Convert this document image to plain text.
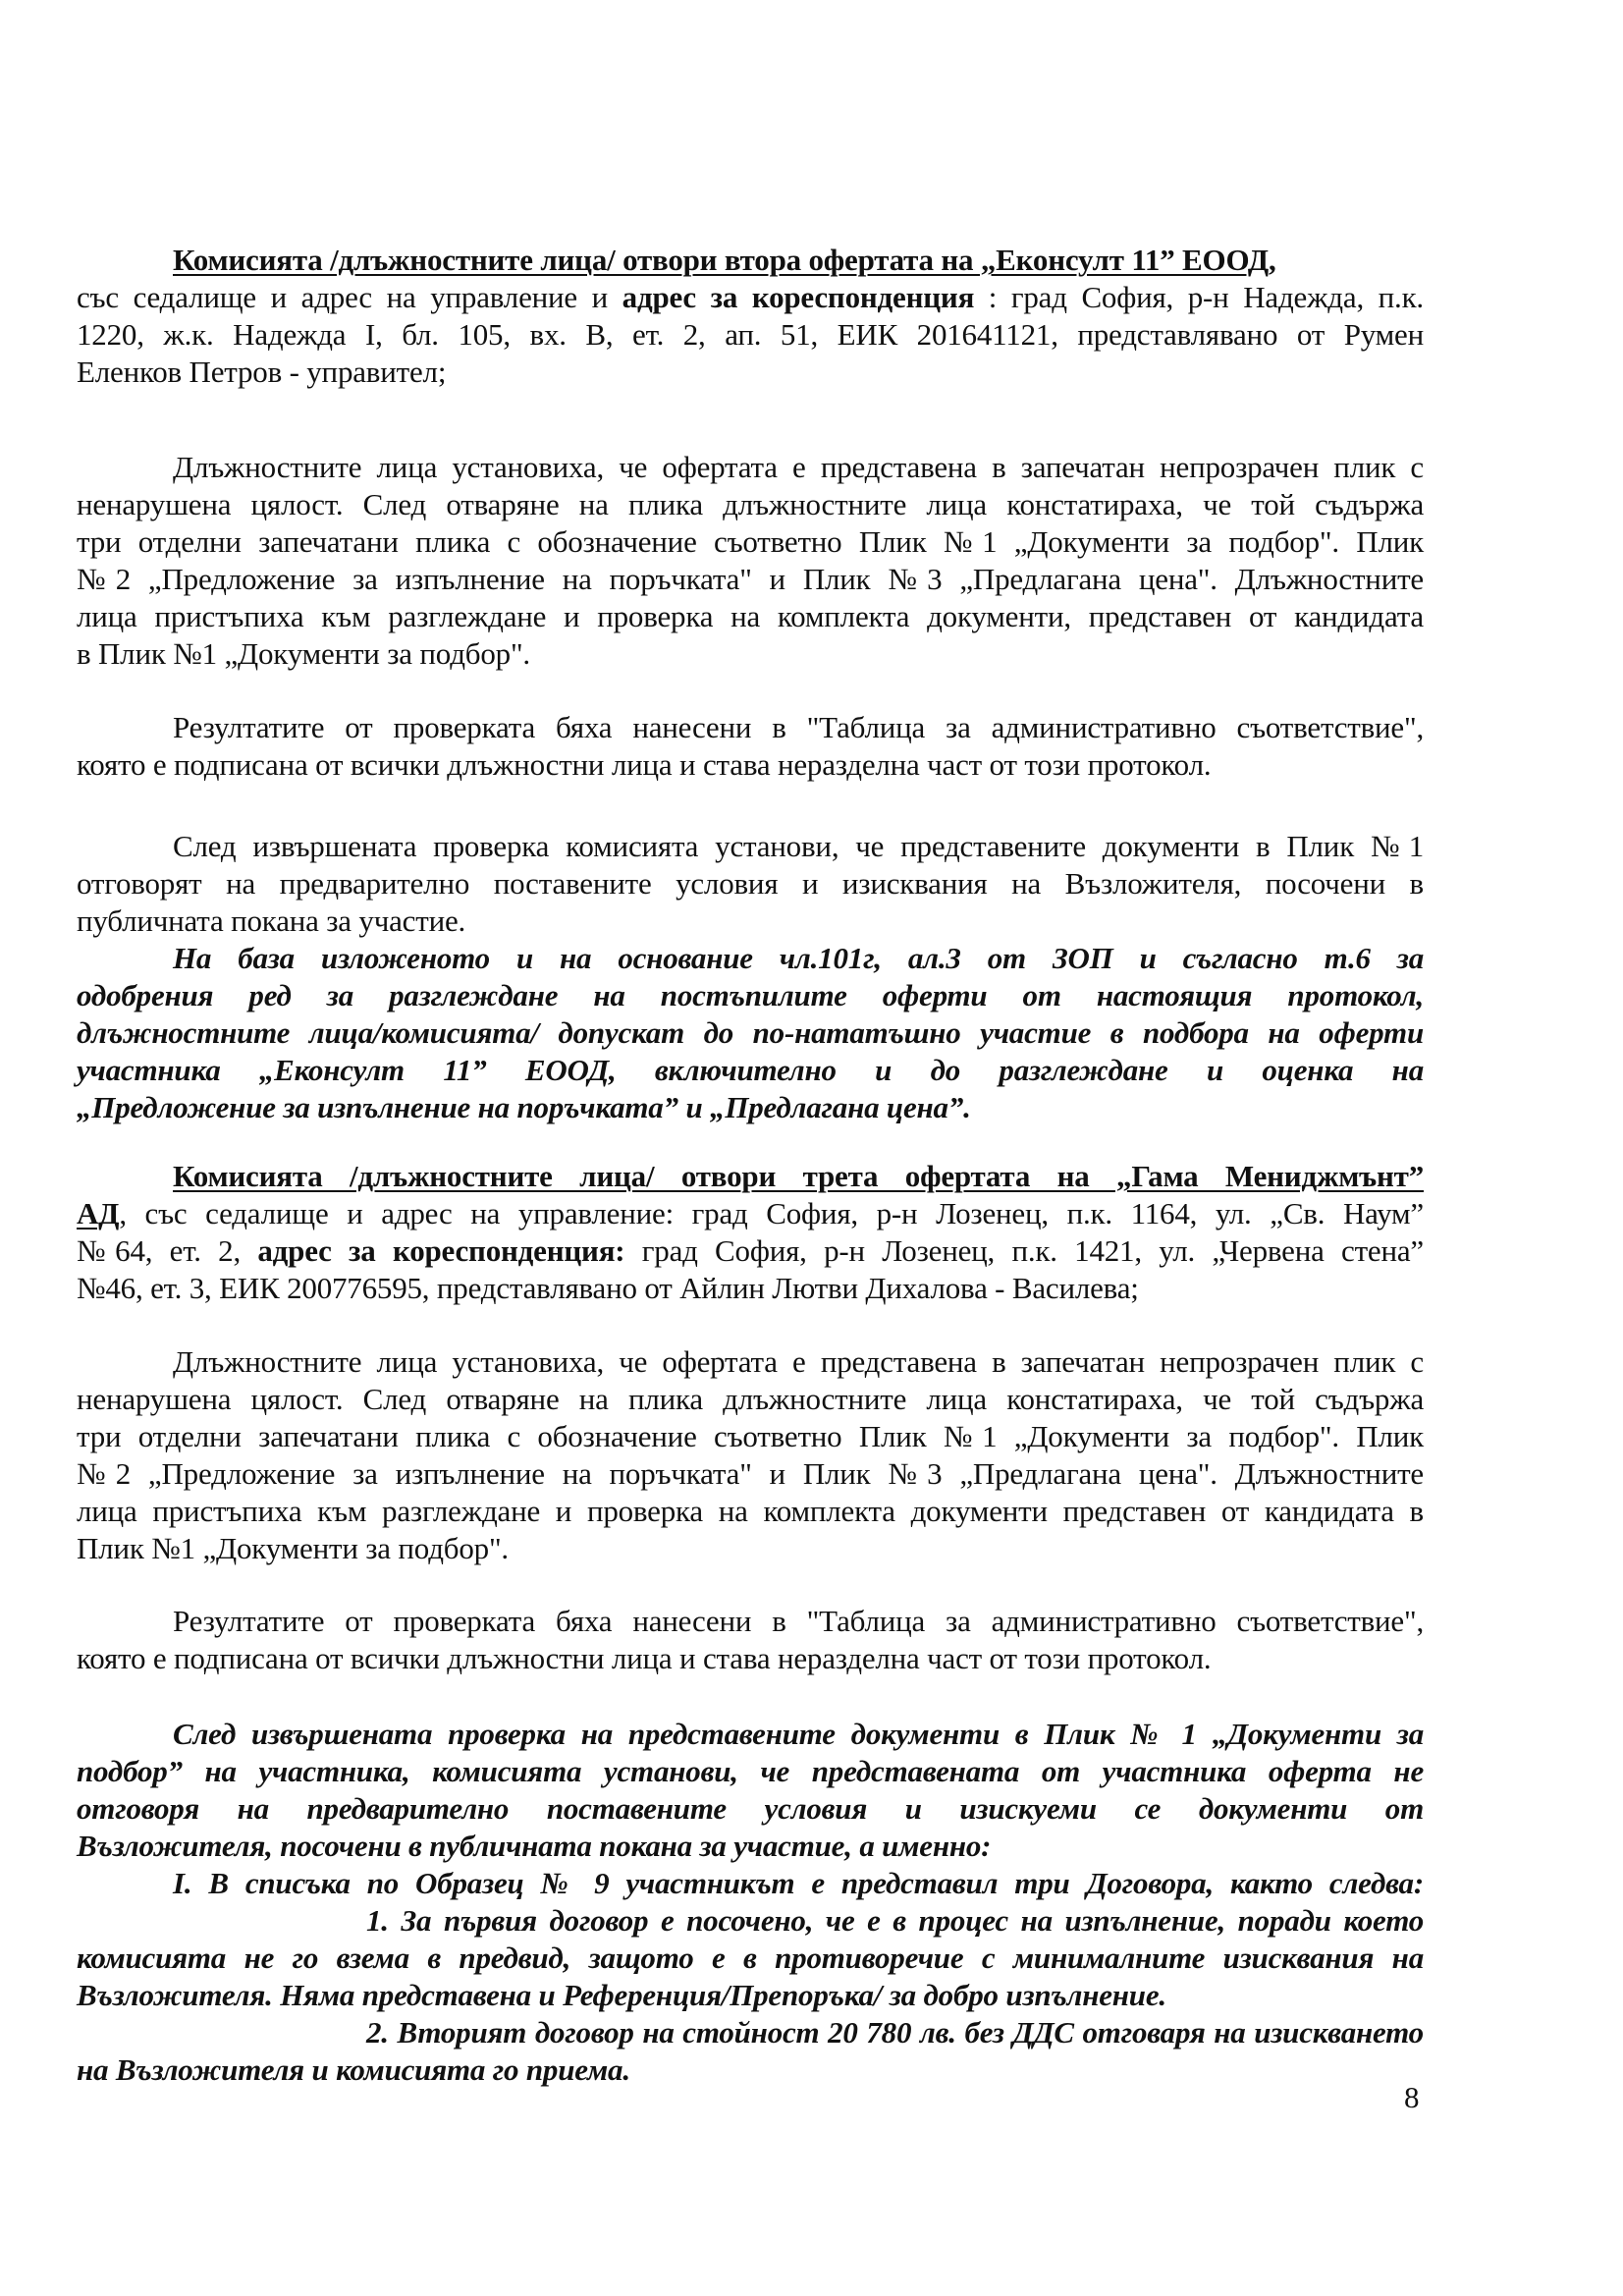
Комисията /длъжностните лица/ отвори втора офертата на „Еконсулт 11” ЕООД,
със седалище и адрес на управление и адрес за кореспонденция : град София, р-н Надежда, п.к.
1220, ж.к. Надежда I, бл. 105, вх. В, ет. 2, ап. 51, ЕИК 201641121, представлявано от Румен
Еленков Петров - управител;
Длъжностните лица установиха, че офертата е представена в запечатан непрозрачен плик с
ненарушена цялост. След отваряне на плика длъжностните лица констатираха, че той съдържа
три отделни запечатани плика с обозначение съответно Плик №1 „Документи за подбор". Плик
№2 „Предложение за изпълнение на поръчката" и Плик №3 „Предлагана цена". Длъжностните
лица пристъпиха към разглеждане и проверка на комплекта документи, представен от кандидата
в Плик №1 „Документи за подбор".
Резултатите от проверката бяха нанесени в "Таблица за административно съответствие",
която е подписана от всички длъжностни лица и става неразделна част от този протокол.
След извършената проверка комисията установи, че представените документи в Плик №1
отговорят на предварително поставените условия и изисквания на Възложителя, посочени в
публичната покана за участие.
На база изложеното и на основание чл.101г, ал.3 от ЗОП и съгласно т.6 за
одобрения ред за разглеждане на постъпилите оферти от настоящия протокол,
длъжностните лица/комисията/ допускат до по-нататъшно участие в подбора на оферти
участника „Еконсулт 11” ЕООД, включително и до разглеждане и оценка на
„Предложение за изпълнение на поръчката” и „Предлагана цена”.
Комисията /длъжностните лица/ отвори трета офертата на „Гама Мениджмънт”
АД, със седалище и адрес на управление: град София, р-н Лозенец, п.к. 1164, ул. „Св. Наум”
№64, ет. 2, адрес за кореспонденция: град София, р-н Лозенец, п.к. 1421, ул. „Червена стена”
№46, ет. 3, ЕИК 200776595, представлявано от Айлин Лютви Дихалова - Василева;
Длъжностните лица установиха, че офертата е представена в запечатан непрозрачен плик с
ненарушена цялост. След отваряне на плика длъжностните лица констатираха, че той съдържа
три отделни запечатани плика с обозначение съответно Плик №1 „Документи за подбор". Плик
№2 „Предложение за изпълнение на поръчката" и Плик №3 „Предлагана цена". Длъжностните
лица пристъпиха към разглеждане и проверка на комплекта документи представен от кандидата в
Плик №1 „Документи за подбор".
Резултатите от проверката бяха нанесени в "Таблица за административно съответствие",
която е подписана от всички длъжностни лица и става неразделна част от този протокол.
След извършената проверка на представените документи в Плик № 1 „Документи за
подбор” на участника, комисията установи, че представената от участника оферта не
отговоря на предварително поставените условия и изискуеми се документи от
Възложителя, посочени в публичната покана за участие, а именно:
I. В списъка по Образец № 9 участникът е представил три Договора, както следва:
1. За първия договор е посочено, че е в процес на изпълнение, поради което
комисията не го взема в предвид, защото е в противоречие с минималните изисквания на
Възложителя. Няма представена и Референция/Препоръка/ за добро изпълнение.
2. Вторият договор на стойност 20 780 лв. без ДДС отговаря на изискването
на Възложителя и комисията го приема.
8
